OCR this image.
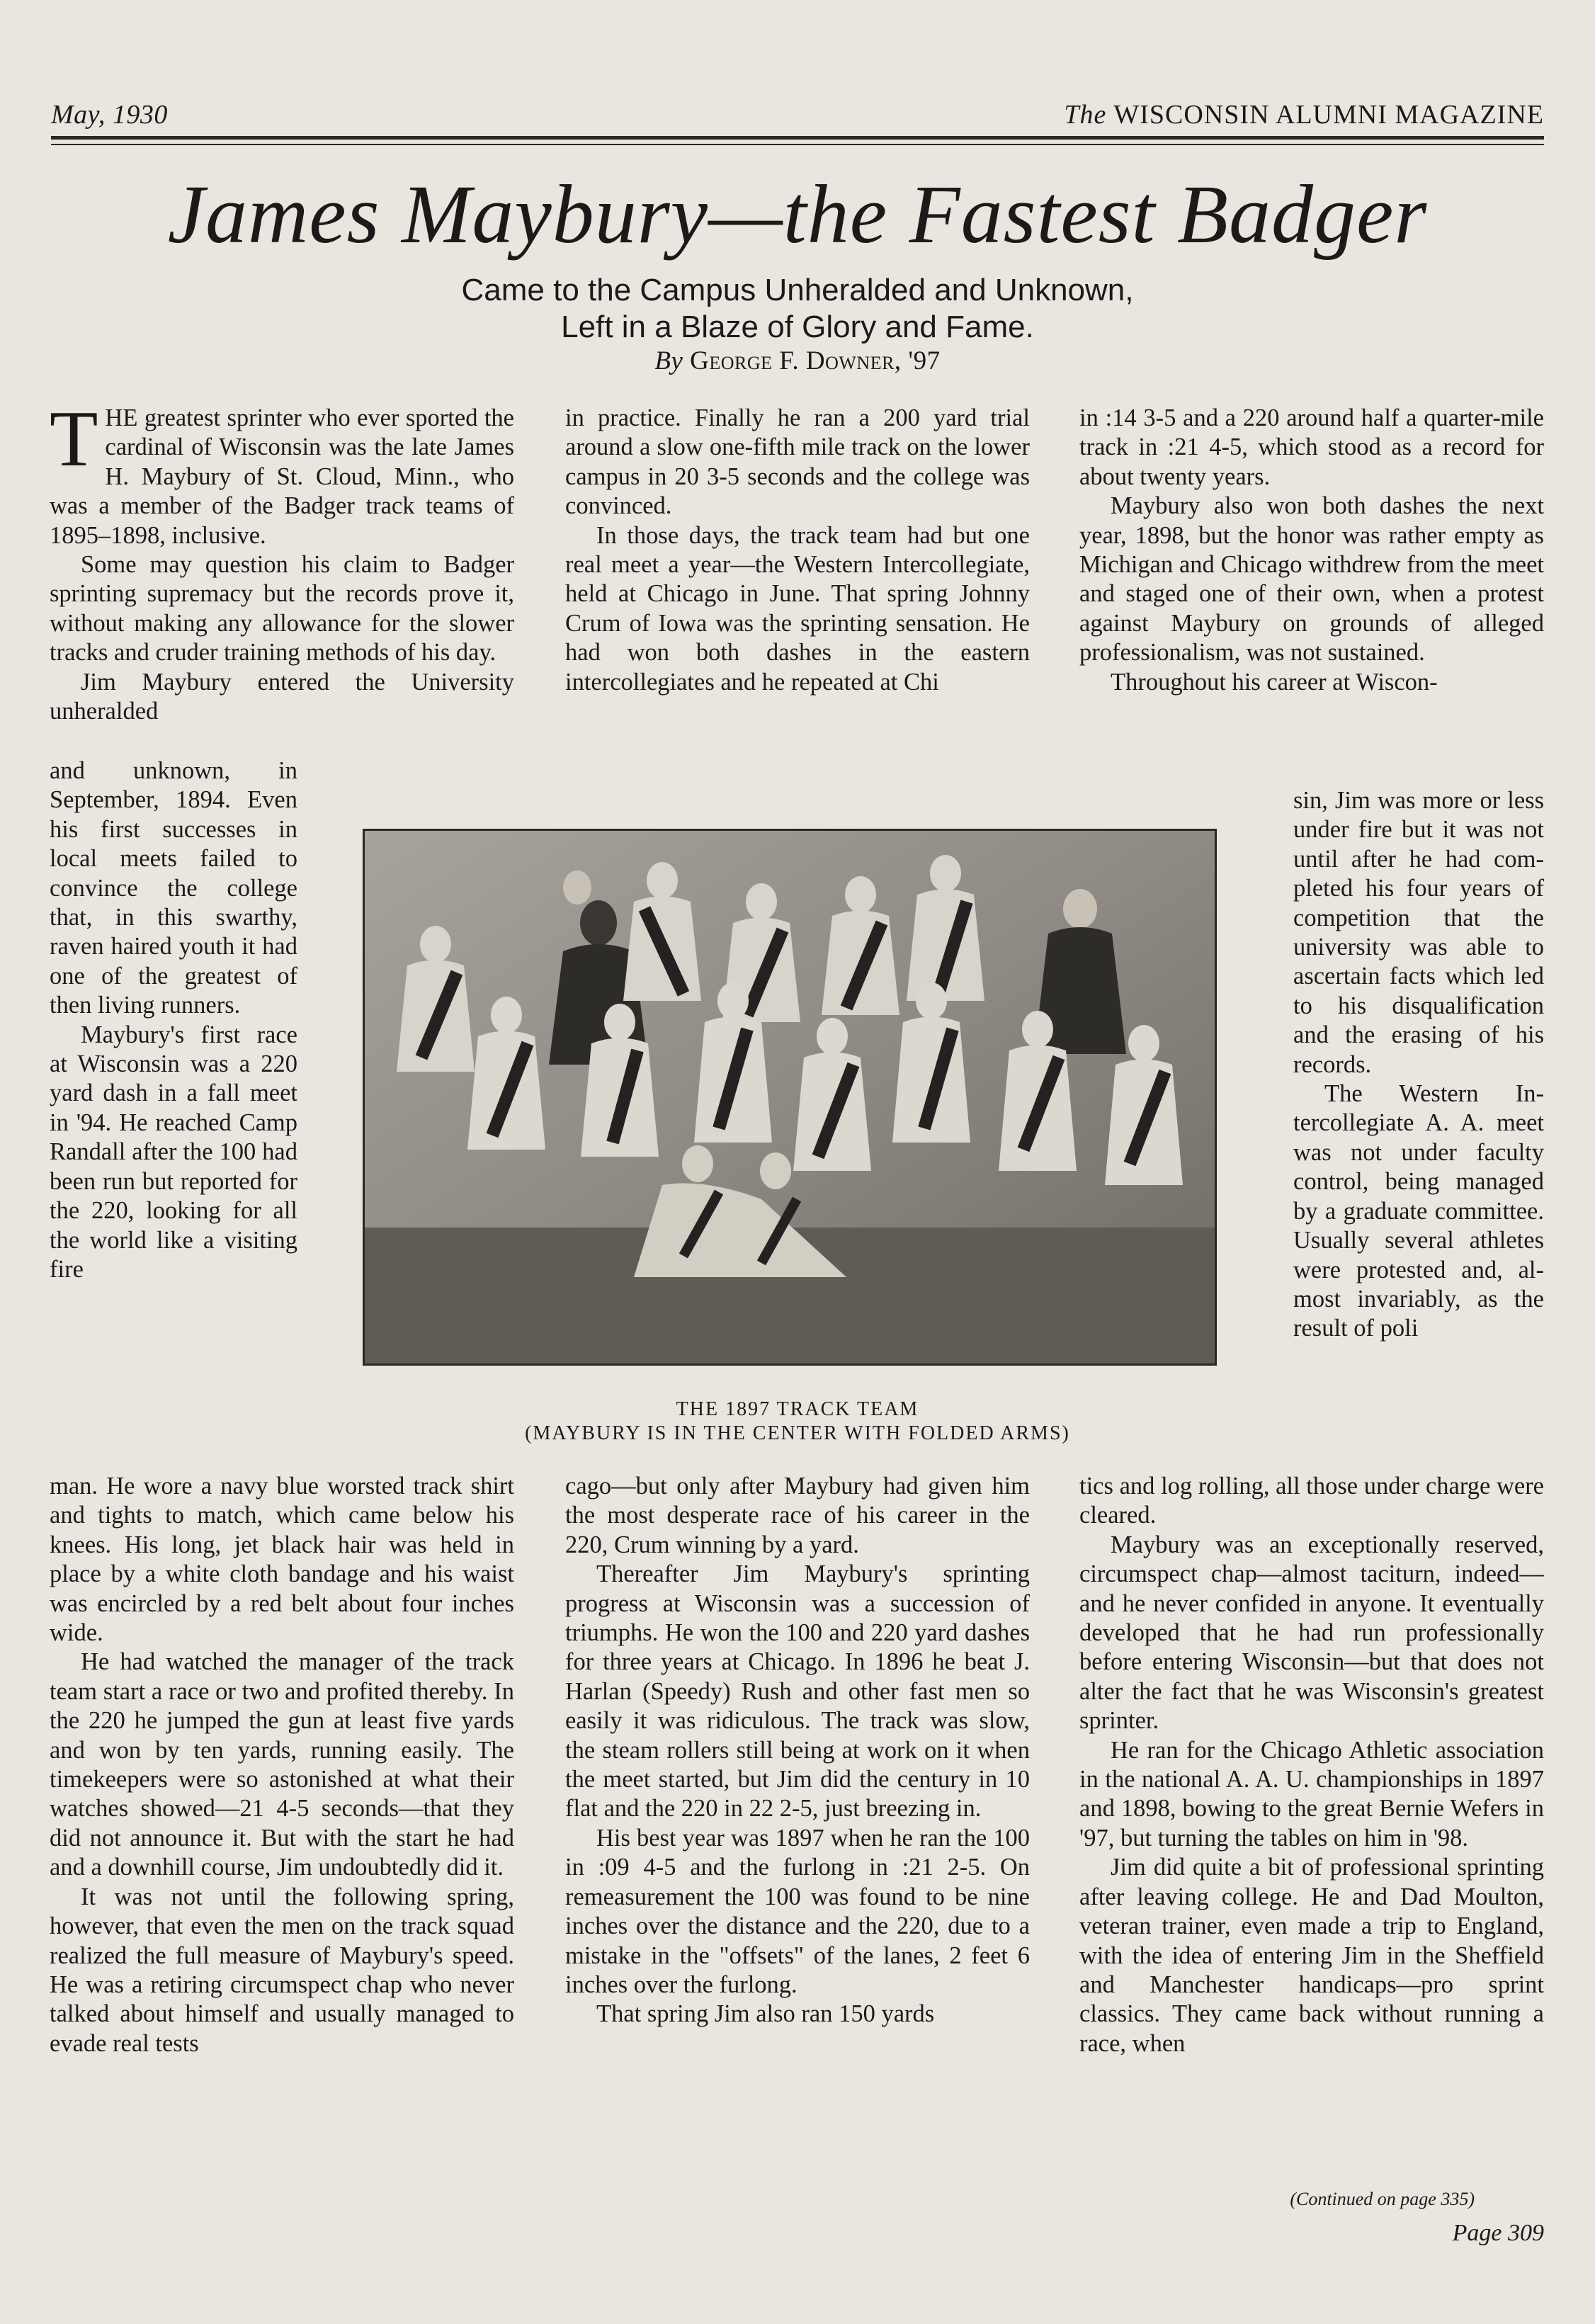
May, 1930	The WISCONSIN ALUMNI MAGAZINE
James Maybury—the Fastest Badger
Came to the Campus Unheralded and Unknown,
Left in a Blaze of Glory and Fame.
By George F. Downer, '97

THE greatest sprinter who ever sported the cardinal of Wisconsin was the late James H. Maybury of St. Cloud, Minn., who was a member of the Badger track teams of 1895–1898, inclusive.

Some may question his claim to Badger sprinting supremacy but the records prove it, without making any allowance for the slower tracks and cruder training methods of his day.

Jim Maybury entered the University unheralded

and unknown, in September, 1894. Even his first successes in local meets failed to convince the college that, in this swarthy, raven haired youth it had one of the greatest of then living runners.

Maybury's first race at Wisconsin was a 220 yard dash in a fall meet in '94. He reached Camp Randall after the 100 had been run but reported for the 220, looking for all the world like a visiting fire

in practice. Finally he ran a 200 yard trial around a slow one-fifth mile track on the lower campus in 20 3-5 seconds and the college was convinced.

In those days, the track team had but one real meet a year—the Western Intercollegiate, held at Chicago in June. That spring Johnny Crum of Iowa was the sprinting sensation. He had won both dashes in the eastern intercollegiates and he repeated at Chi

in :14 3-5 and a 220 around half a quarter-mile track in :21 4-5, which stood as a record for about twenty years.

Maybury also won both dashes the next year, 1898, but the honor was rather empty as Michigan and Chicago withdrew from the meet and staged one of their own, when a protest against Maybury on grounds of alleged professionalism, was not sustained.

Throughout his career at Wiscon-

sin, Jim was more or less under fire but it was not until after he had completed his four years of competition that the university was able to ascertain facts which led to his disqualification and the erasing of his records.

The Western Intercollegiate A. A. meet was not under faculty control, being managed by a graduate committee. Usually several athletes were protested and, almost invariably, as the result of poli

THE 1897 TRACK TEAM
(MAYBURY IS IN THE CENTER WITH FOLDED ARMS)

man. He wore a navy blue worsted track shirt and tights to match, which came below his knees. His long, jet black hair was held in place by a white cloth bandage and his waist was encircled by a red belt about four inches wide.

He had watched the manager of the track team start a race or two and profited thereby. In the 220 he jumped the gun at least five yards and won by ten yards, running easily. The timekeepers were so astonished at what their watches showed—21 4-5 seconds—that they did not announce it. But with the start he had and a downhill course, Jim undoubtedly did it.

It was not until the following spring, however, that even the men on the track squad realized the full measure of Maybury's speed. He was a retiring circumspect chap who never talked about himself and usually managed to evade real tests

cago—but only after Maybury had given him the most desperate race of his career in the 220, Crum winning by a yard.

Thereafter Jim Maybury's sprinting progress at Wisconsin was a succession of triumphs. He won the 100 and 220 yard dashes for three years at Chicago. In 1896 he beat J. Harlan (Speedy) Rush and other fast men so easily it was ridiculous. The track was slow, the steam rollers still being at work on it when the meet started, but Jim did the century in 10 flat and the 220 in 22 2-5, just breezing in.

His best year was 1897 when he ran the 100 in :09 4-5 and the furlong in :21 2-5. On remeasurement the 100 was found to be nine inches over the distance and the 220, due to a mistake in the "offsets" of the lanes, 2 feet 6 inches over the furlong.

That spring Jim also ran 150 yards

tics and log rolling, all those under charge were cleared.

Maybury was an exceptionally reserved, circumspect chap—almost taciturn, indeed—and he never confided in anyone. It eventually developed that he had run professionally before entering Wisconsin—but that does not alter the fact that he was Wisconsin's greatest sprinter.

He ran for the Chicago Athletic association in the national A. A. U. championships in 1897 and 1898, bowing to the great Bernie Wefers in '97, but turning the tables on him in '98.

Jim did quite a bit of professional sprinting after leaving college. He and Dad Moulton, veteran trainer, even made a trip to England, with the idea of entering Jim in the Sheffield and Manchester handicaps—pro sprint classics. They came back without running a race, when

(Continued on page 335)
Page 309
